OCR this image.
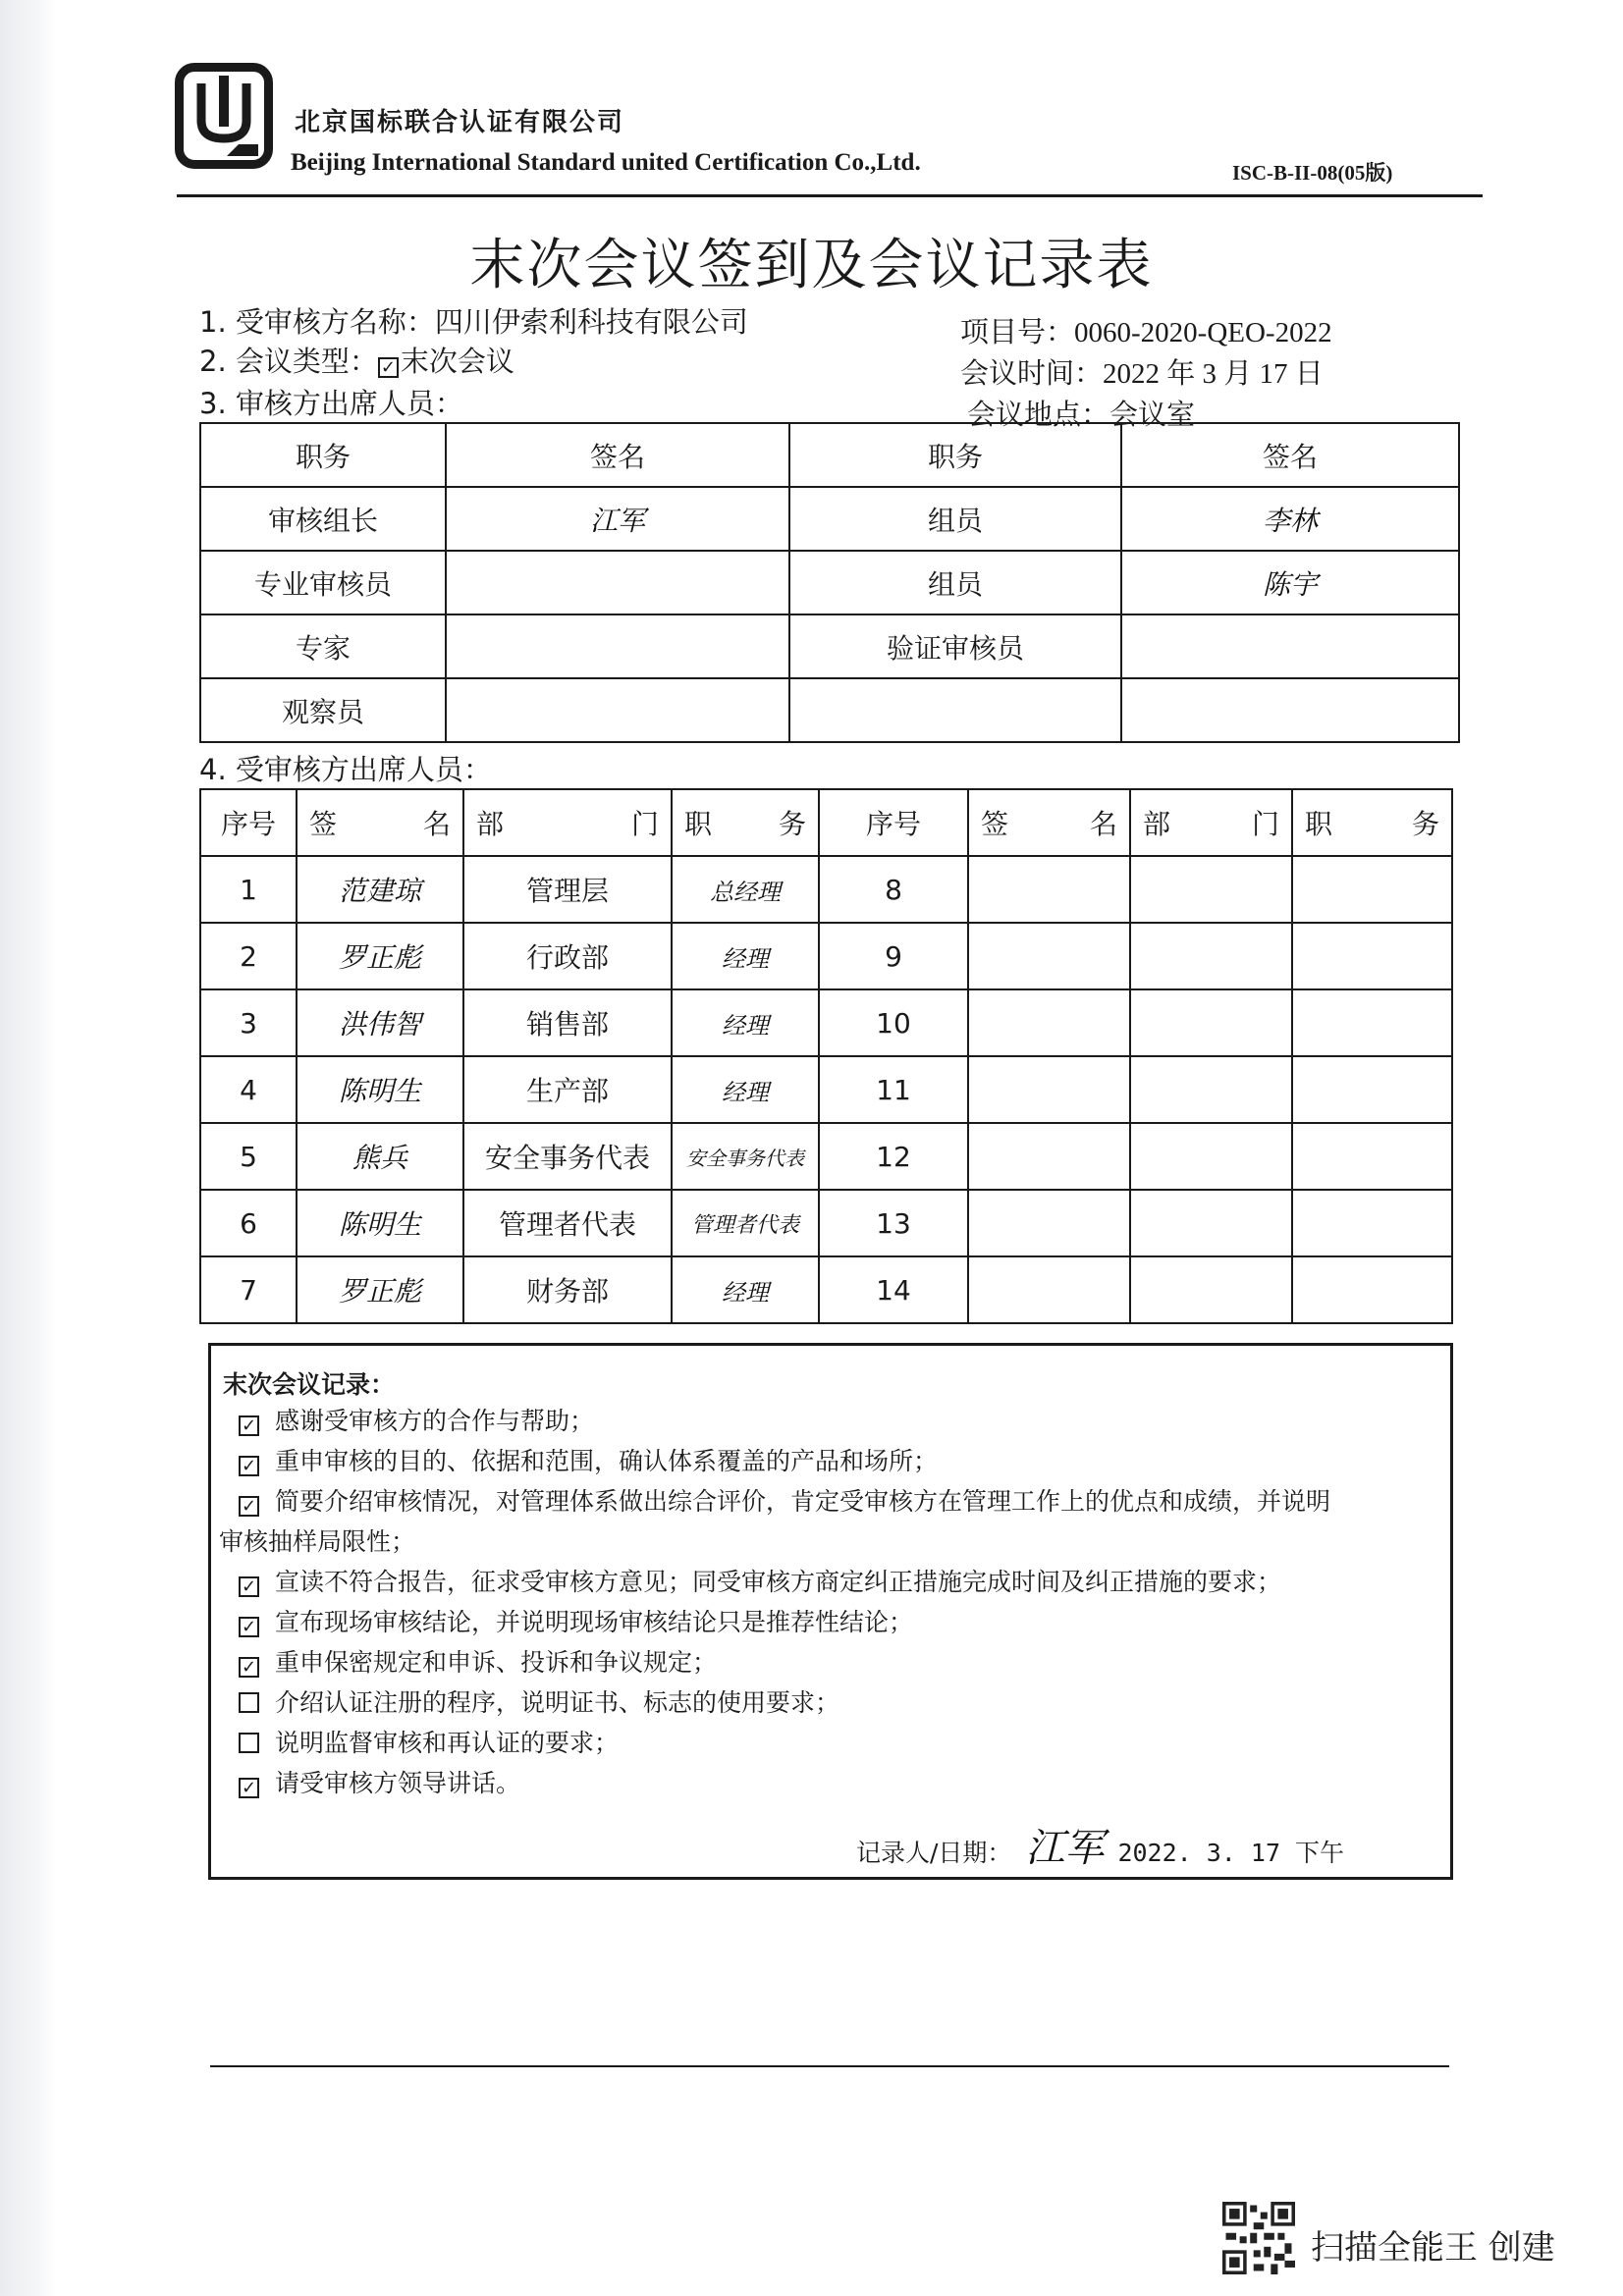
北京国标联合认证有限公司
Beijing International Standard united Certification Co.,Ltd.	ISC-B-II-08(05版)
末次会议签到及会议记录表
1. 受审核方名称：四川伊索利科技有限公司
2. 会议类型： ✓ 末次会议
3. 审核方出席人员：
项目号：0060-2020-QEO-2022
会议时间：2022 年 3 月 17 日
会议地点：会议室
职务	签名	职务	签名
审核组长	江军	组员	李林
专业审核员		组员	陈宇
专家		验证审核员	
观察员			
4. 受审核方出席人员：
序号	签 名	部 门	职 务	序号	签 名	部 门	职 务

1	范建琼	管理层	总经理	8			
2	罗正彪	行政部	经理	9			
3	洪伟智	销售部	经理	10			
4	陈明生	生产部	经理	11			
5	熊兵	安全事务代表	安全事务代表	12			
6	陈明生	管理者代表	管理者代表	13			
7	罗正彪	财务部	经理	14			
末次会议记录：
✓ 感谢受审核方的合作与帮助；
✓ 重申审核的目的、依据和范围，确认体系覆盖的产品和场所；
✓ 简要介绍审核情况，对管理体系做出综合评价，肯定受审核方在管理工作上的优点和成绩，并说明
审核抽样局限性；
✓ 宣读不符合报告，征求受审核方意见；同受审核方商定纠正措施完成时间及纠正措施的要求；
✓ 宣布现场审核结论，并说明现场审核结论只是推荐性结论；
✓ 重申保密规定和申诉、投诉和争议规定；
介绍认证注册的程序，说明证书、标志的使用要求；
说明监督审核和再认证的要求；
✓ 请受审核方领导讲话。
记录人/日期： 江军 2022. 3. 17 下午
扫描全能王 创建
